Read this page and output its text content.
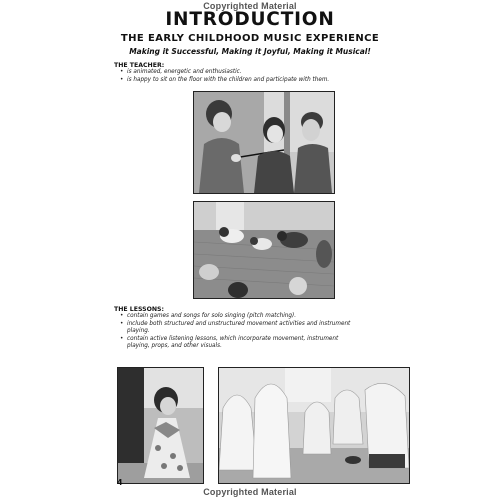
Copyrighted Material
INTRODUCTION
THE EARLY CHILDHOOD MUSIC EXPERIENCE
Making it Successful, Making it Joyful, Making it Musical!
THE TEACHER:
• is animated, energetic and enthusiastic.
• is happy to sit on the floor with the children and participate with them.
THE LESSONS:
• contain games and songs for solo singing (pitch matching).
• include both structured and unstructured movement activities and instrument playing.
• contain active listening lessons, which incorporate movement, instrument playing, props, and other visuals.
4
Copyrighted Material
